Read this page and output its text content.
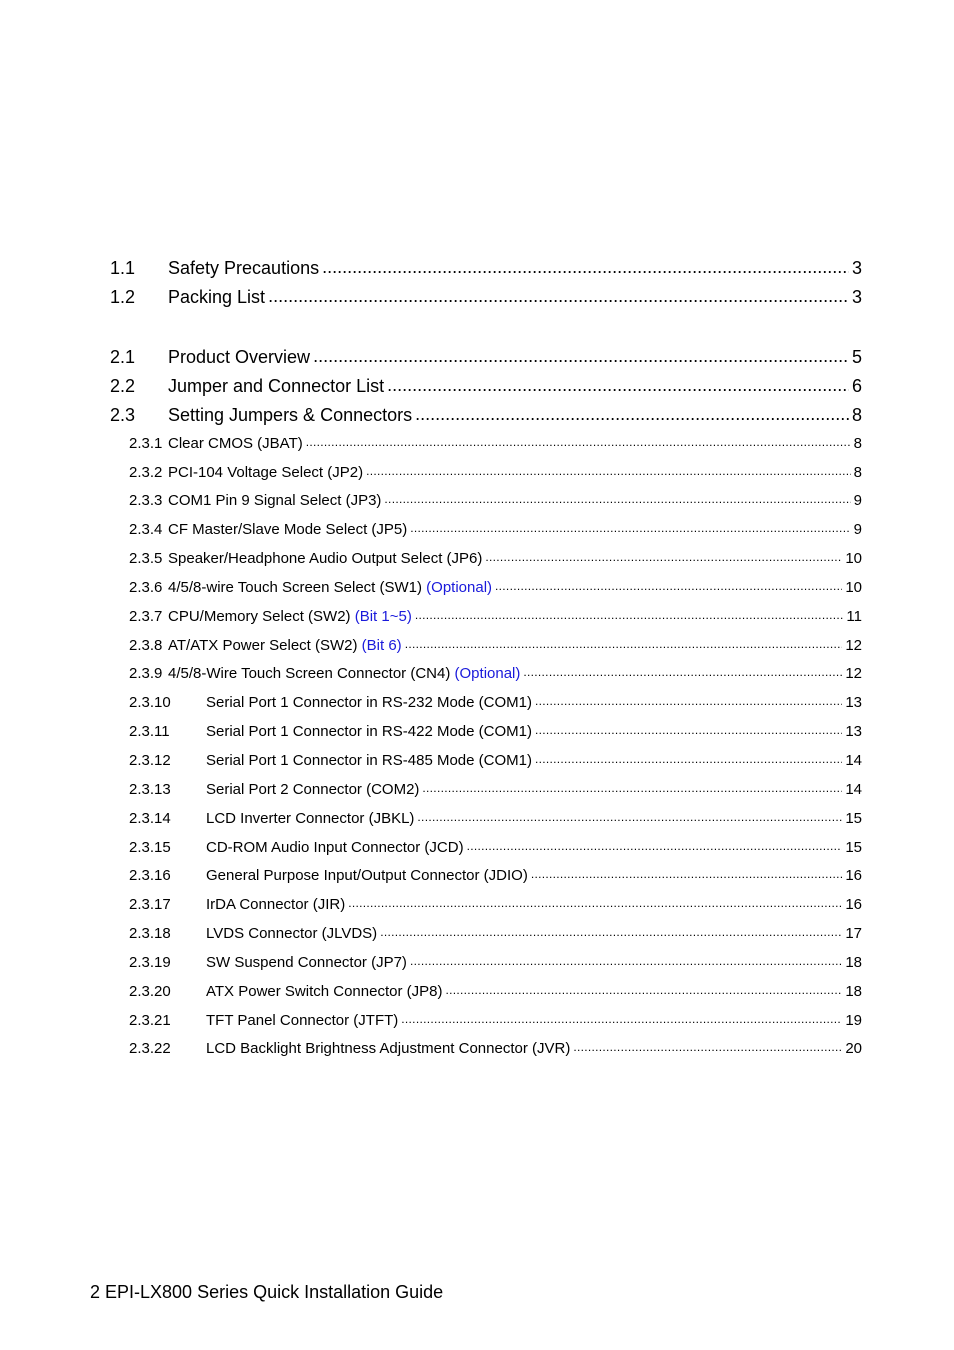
1.1	Safety Precautions .....	3
1.2	Packing List .....	3
2.1	Product Overview .....	5
2.2	Jumper and Connector List .....	6
2.3	Setting Jumpers & Connectors .....	8
2.3.1 Clear CMOS (JBAT) .....	8
2.3.2 PCI-104 Voltage Select (JP2) .....	8
2.3.3 COM1 Pin 9 Signal Select (JP3) .....	9
2.3.4 CF Master/Slave Mode Select (JP5) .....	9
2.3.5 Speaker/Headphone Audio Output Select (JP6) .....	10
2.3.6 4/5/8-wire Touch Screen Select (SW1) (Optional) .....	10
2.3.7 CPU/Memory Select (SW2) (Bit 1~5) .....	11
2.3.8 AT/ATX Power Select (SW2) (Bit 6) .....	12
2.3.9 4/5/8-Wire Touch Screen Connector (CN4) (Optional) .....	12
2.3.10	Serial Port 1 Connector in RS-232 Mode (COM1) .....	13
2.3.11	Serial Port 1 Connector in RS-422 Mode (COM1) .....	13
2.3.12	Serial Port 1 Connector in RS-485 Mode (COM1) .....	14
2.3.13	Serial Port 2 Connector (COM2) .....	14
2.3.14	LCD Inverter Connector (JBKL) .....	15
2.3.15	CD-ROM Audio Input Connector (JCD) .....	15
2.3.16	General Purpose Input/Output Connector (JDIO) .....	16
2.3.17	IrDA Connector (JIR) .....	16
2.3.18	LVDS Connector (JLVDS) .....	17
2.3.19	SW Suspend Connector (JP7) .....	18
2.3.20	ATX Power Switch Connector (JP8) .....	18
2.3.21	TFT Panel Connector (JTFT) .....	19
2.3.22	LCD Backlight Brightness Adjustment Connector (JVR) .....	20
2 EPI-LX800 Series Quick Installation Guide
